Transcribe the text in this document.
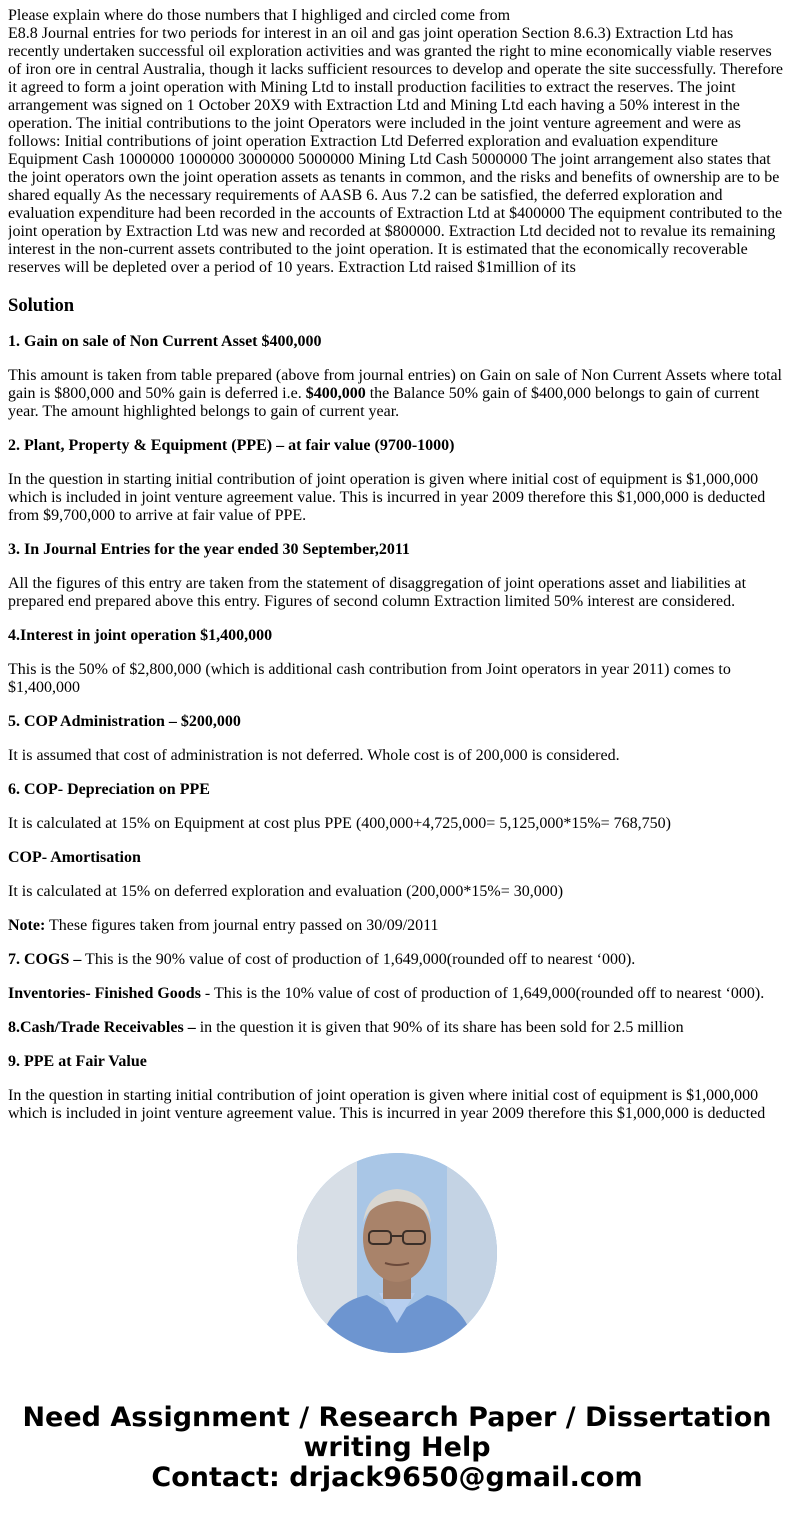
Please explain where do those numbers that I highliged and circled come from

E8.8 Journal entries for two periods for interest in an oil and gas joint operation Section 8.6.3) Extraction Ltd has recently undertaken successful oil exploration activities and was granted the right to mine economically viable reserves of iron ore in central Australia, though it lacks sufficient resources to develop and operate the site successfully. Therefore it agreed to form a joint operation with Mining Ltd to install production facilities to extract the reserves. The joint arrangement was signed on 1 October 20X9 with Extraction Ltd and Mining Ltd each having a 50% interest in the operation. The initial contributions to the joint Operators were included in the joint venture agreement and were as follows: Initial contributions of joint operation Extraction Ltd Deferred exploration and evaluation expenditure Equipment Cash 1000000 1000000 3000000 5000000 Mining Ltd Cash 5000000 The joint arrangement also states that the joint operators own the joint operation assets as tenants in common, and the risks and benefits of ownership are to be shared equally As the necessary requirements of AASB 6. Aus 7.2 can be satisfied, the deferred exploration and evaluation expenditure had been recorded in the accounts of Extraction Ltd at $400000 The equipment contributed to the joint operation by Extraction Ltd was new and recorded at $800000. Extraction Ltd decided not to revalue its remaining interest in the non-current assets contributed to the joint operation. It is estimated that the economically recoverable reserves will be depleted over a period of 10 years. Extraction Ltd raised $1million of its

Solution

1. Gain on sale of Non Current Asset $400,000

This amount is taken from table prepared (above from journal entries) on Gain on sale of Non Current Assets where total gain is $800,000 and 50% gain is deferred i.e. $400,000 the Balance 50% gain of $400,000 belongs to gain of current year. The amount highlighted belongs to gain of current year.

2. Plant, Property & Equipment (PPE) – at fair value (9700-1000)

In the question in starting initial contribution of joint operation is given where initial cost of equipment is $1,000,000 which is included in joint venture agreement value. This is incurred in year 2009 therefore this $1,000,000 is deducted from $9,700,000 to arrive at fair value of PPE.

3. In Journal Entries for the year ended 30 September,2011

All the figures of this entry are taken from the statement of disaggregation of joint operations asset and liabilities at prepared end prepared above this entry. Figures of second column Extraction limited 50% interest are considered.

4.Interest in joint operation $1,400,000

This is the 50% of $2,800,000 (which is additional cash contribution from Joint operators in year 2011) comes to $1,400,000

5. COP Administration – $200,000

It is assumed that cost of administration is not deferred. Whole cost is of 200,000 is considered.

6. COP- Depreciation on PPE

It is calculated at 15% on Equipment at cost plus PPE (400,000+4,725,000= 5,125,000*15%= 768,750)

COP- Amortisation

It is calculated at 15% on deferred exploration and evaluation (200,000*15%= 30,000)

Note: These figures taken from journal entry passed on 30/09/2011

7. COGS – This is the 90% value of cost of production of 1,649,000(rounded off to nearest ‘000).

Inventories- Finished Goods - This is the 10% value of cost of production of 1,649,000(rounded off to nearest ‘000).

8.Cash/Trade Receivables – in the question it is given that 90% of its share has been sold for 2.5 million

9. PPE at Fair Value

In the question in starting initial contribution of joint operation is given where initial cost of equipment is $1,000,000 which is included in joint venture agreement value. This is incurred in year 2009 therefore this $1,000,000 is deducted

Need Assignment / Research Paper / Dissertation
writing Help
Contact: drjack9650@gmail.com
